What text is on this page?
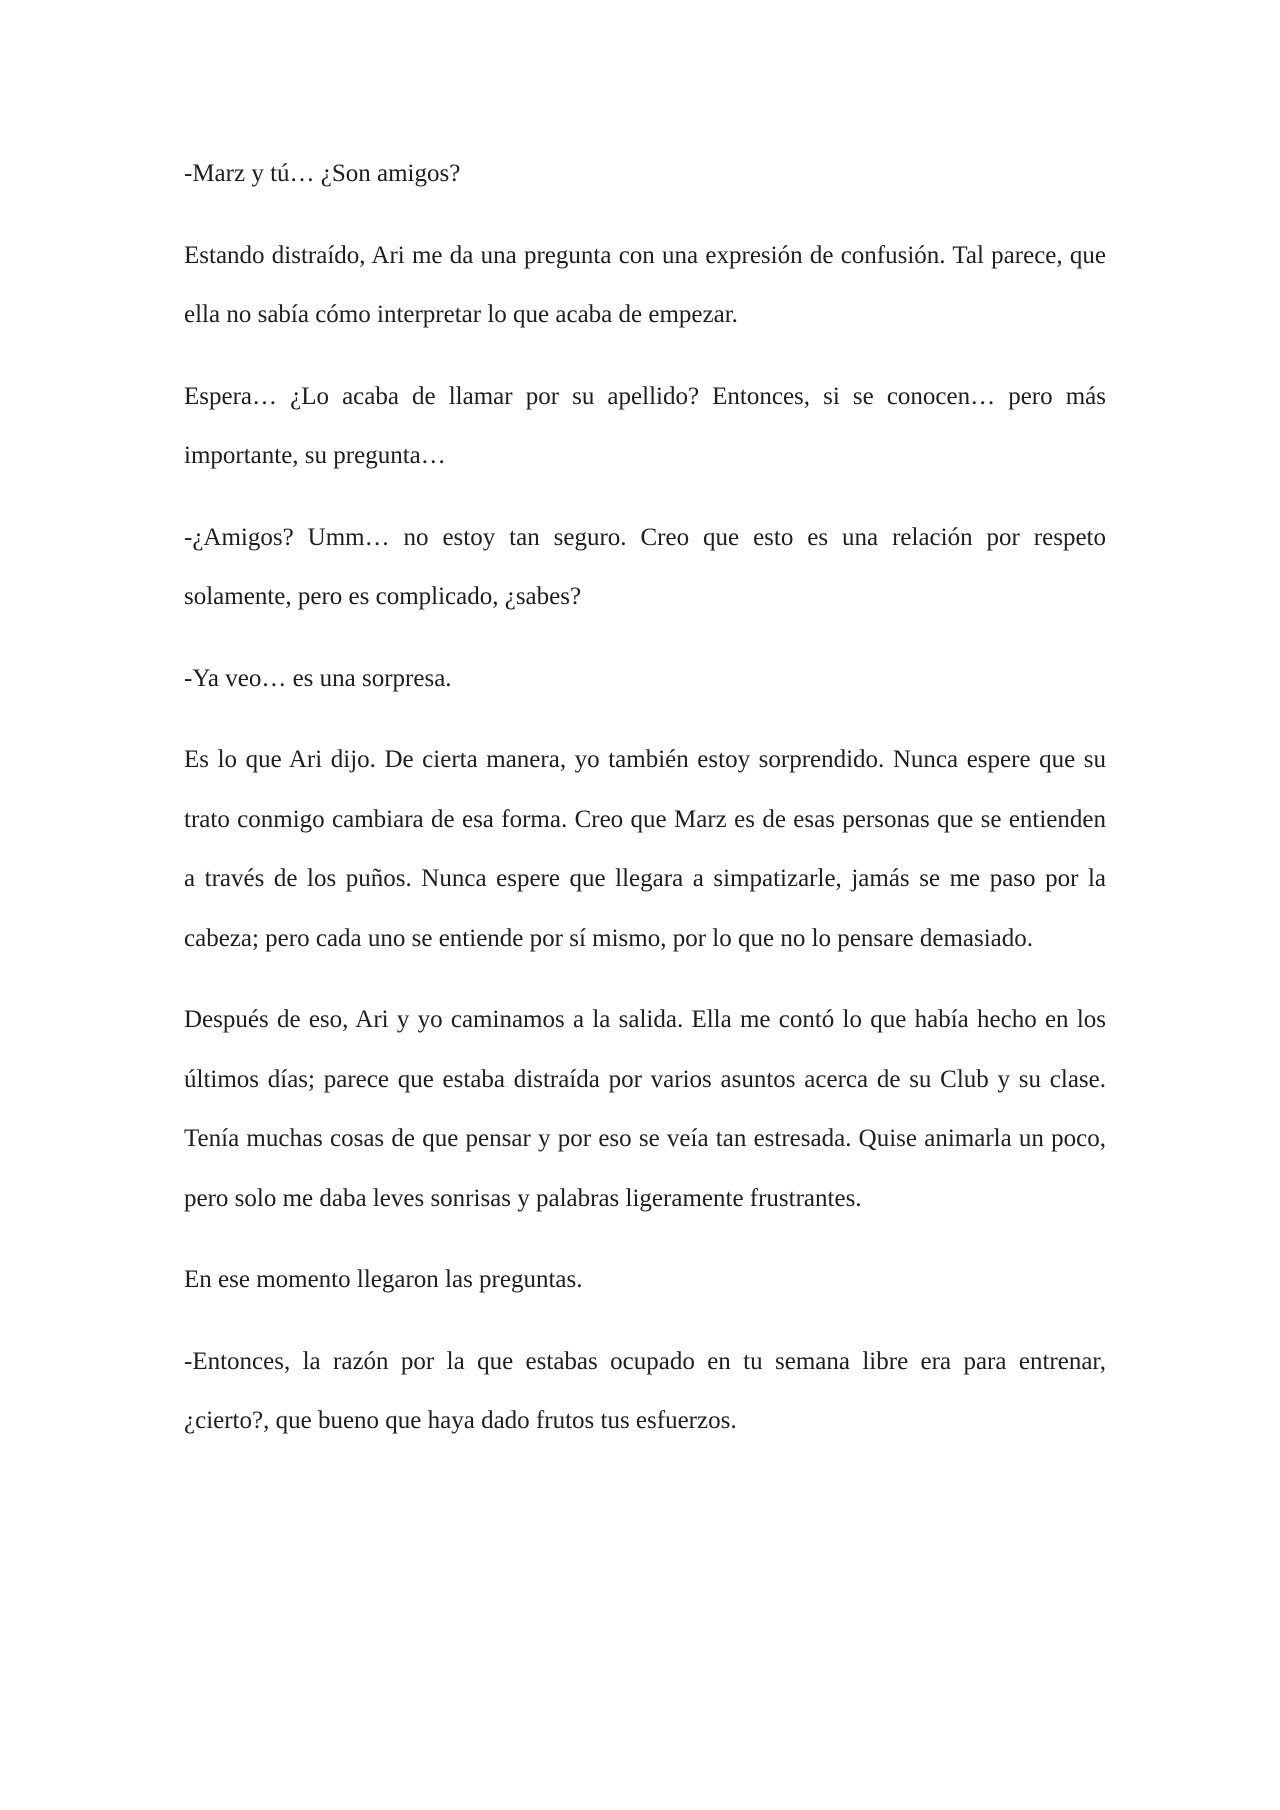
-Marz y tú… ¿Son amigos?

Estando distraído, Ari me da una pregunta con una expresión de confusión. Tal parece, que ella no sabía cómo interpretar lo que acaba de empezar.

Espera… ¿Lo acaba de llamar por su apellido? Entonces, si se conocen… pero más importante, su pregunta…

-¿Amigos? Umm… no estoy tan seguro. Creo que esto es una relación por respeto solamente, pero es complicado, ¿sabes?

-Ya veo… es una sorpresa.

Es lo que Ari dijo. De cierta manera, yo también estoy sorprendido. Nunca espere que su trato conmigo cambiara de esa forma. Creo que Marz es de esas personas que se entienden a través de los puños. Nunca espere que llegara a simpatizarle, jamás se me paso por la cabeza; pero cada uno se entiende por sí mismo, por lo que no lo pensare demasiado.

Después de eso, Ari y yo caminamos a la salida. Ella me contó lo que había hecho en los últimos días; parece que estaba distraída por varios asuntos acerca de su Club y su clase. Tenía muchas cosas de que pensar y por eso se veía tan estresada. Quise animarla un poco, pero solo me daba leves sonrisas y palabras ligeramente frustrantes.

En ese momento llegaron las preguntas.

-Entonces, la razón por la que estabas ocupado en tu semana libre era para entrenar, ¿cierto?, que bueno que haya dado frutos tus esfuerzos.
